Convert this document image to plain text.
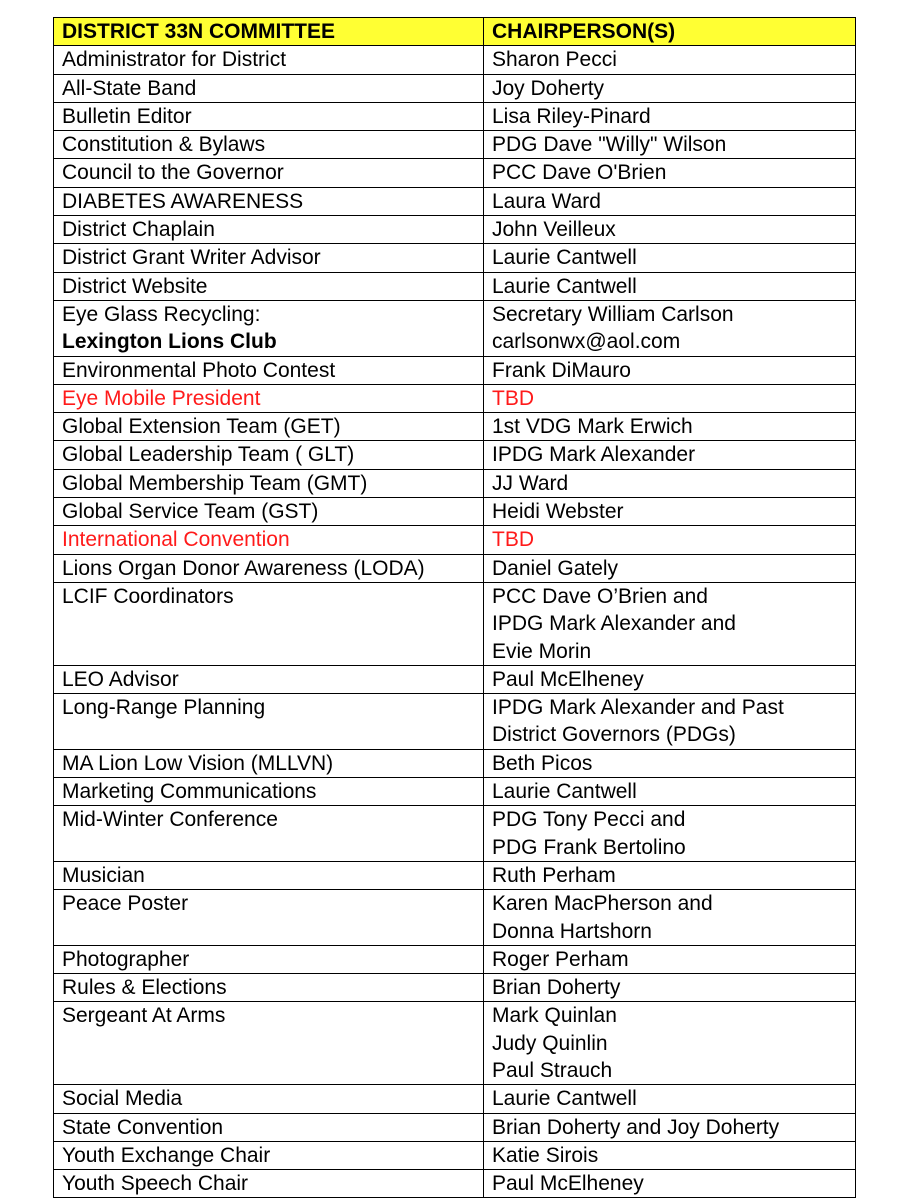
DISTRICT 33N COMMITTEE	CHAIRPERSON(S)

Administrator for District	Sharon Pecci

All-State Band	Joy Doherty

Bulletin Editor	Lisa Riley-Pinard

Constitution & Bylaws	PDG Dave "Willy" Wilson

Council to the Governor	PCC Dave O'Brien

DIABETES AWARENESS	Laura Ward

District Chaplain	John Veilleux

District Grant Writer Advisor	Laurie Cantwell

District Website	Laurie Cantwell

Eye Glass Recycling:
Lexington Lions Club	Secretary William Carlson
carlsonwx@aol.com

Environmental Photo Contest	Frank DiMauro

Eye Mobile President	TBD

Global Extension Team (GET)	1st VDG Mark Erwich

Global Leadership Team ( GLT)	IPDG Mark Alexander

Global Membership Team (GMT)	JJ Ward

Global Service Team (GST)	Heidi Webster

International Convention	TBD

Lions Organ Donor Awareness (LODA)	Daniel Gately

LCIF Coordinators	PCC Dave O’Brien and
IPDG Mark Alexander and
Evie Morin

LEO Advisor	Paul McElheney

Long-Range Planning	IPDG Mark Alexander and Past
District Governors (PDGs)

MA Lion Low Vision (MLLVN)	Beth Picos

Marketing Communications	Laurie Cantwell

Mid-Winter Conference	PDG Tony Pecci and
PDG Frank Bertolino

Musician	Ruth Perham

Peace Poster	Karen MacPherson and
Donna Hartshorn

Photographer	Roger Perham

Rules & Elections	Brian Doherty

Sergeant At Arms	Mark Quinlan
Judy Quinlin
Paul Strauch

Social Media	Laurie Cantwell

State Convention	Brian Doherty and Joy Doherty

Youth Exchange Chair	Katie Sirois

Youth Speech Chair	Paul McElheney
